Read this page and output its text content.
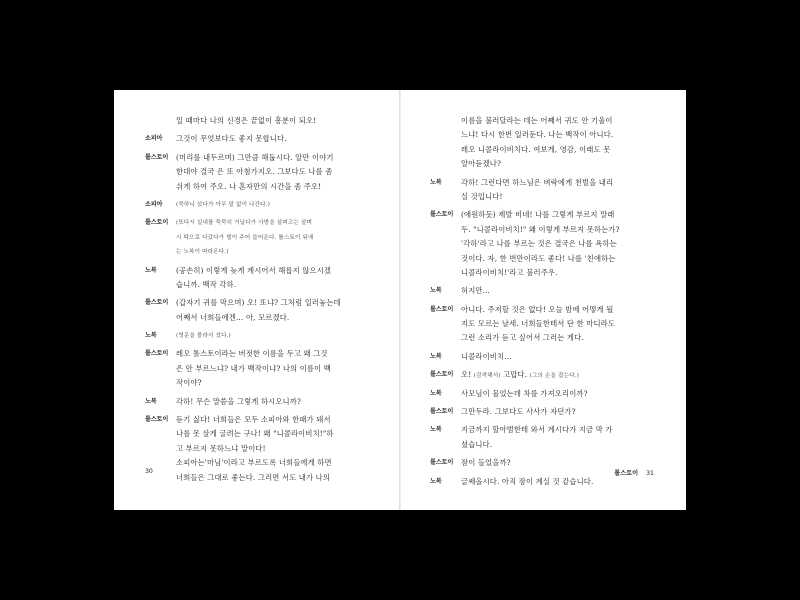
일 때마다 나의 신경은 끝없이 흥분이 되오!
소피아	그것이 무엇보다도 좋지 못합니다.
톨스토이	(머리를 내두르며) 그만큼 해둡시다. 알만 이야기
한대야 결국 은 또 아첨가지오. 그보다도 나를 좀
쉬게 하여 주오. 나 혼자만의 시간을 좀 주오!
소피아	(묵하니 섰다가 아무 말 없이 나간다.)
톨스토이	(또다시 실내를 묵묵히 거닐다가 사방을 살펴고는 살며
시 탁으로 다갔다가 벌이 주어 들어온다. 톨스토이 뒤에
는 노복이 따라온다.)
노복	(공손히) 이렇게 늦게 계시어서 해롭지 않으시겠
습니까. 백작 각하.
톨스토이	(갑자기 귀를 막으며) 오! 또냐? 그처럼 일러놓는데
어째서 너희들에겐… 아, 모르겠다.
노복	(영문을 몰라서 섰다.)
톨스토이	레오 톨스토이라는 버젓한 이름을 두고 왜 그것
은 안 부르느냐? 내가 백작이냐? 나의 이름이 백
작이야?
노복	각하! 무슨 말씀을 그렇게 하시오니까?
톨스토이	듣기 싫다! 너희들은 모두 소피아와 한패가 돼서
나를 못 살게 굴려는 구나! 왜 "니콜라이비치!"하
고 부르지 못하느냐 말이다!
소피아는'마님'이라고 부르도록 너희들에게 하면
너희들은 그대로 좋는다. 그러면 서도 내가 나의
이름을 불러달라는 데는 어째서 귀도 안 기울이
느냐! 다시 한번 일러둔다. 나는 백작이 아니다.
레오 니콜라이비치다. 여보게, 영감, 이래도 못
알아듣겠나?
노복	각하! 그런다면 하느님은 벼락에게 천벌을 내리
실 것입니다!
톨스토이	(애원하듯) 제발 비네! 나를 그렇게 부르지 말래
두. "니콜라이비치!" 왜 이렇게 부르지 못하는가?
'각하'라고 나를 부르는 것은 결국은 나를 욕하는
것이다. 자, 한 번만이라도 좋다! 나를 '친애하는
니콜라이비치!'라고 불러주우.
노복	허지만…
톨스토이	아니다. 주저할 것은 없다! 오늘 밤에 어떻게 될
지도 모르는 날세. 너희들한테서 단 한 마디라도
그런 소리가 듣고 싶어서 그러는 게다.
노복	니콜라이비치…
톨스토이	오! (감격해서) 고맙다. (그의 손을 잡는다.)
노복	사모님이 물었는데 차를 가져오리이까?
톨스토이	그만두라. 그보다도 사사가 자던가?
노복	지금까지 할아범한테 와서 계시다가 지금 막 가
셨습니다.
톨스토이	잠이 들었을까?
노복	글쎄올시다. 아직 잠이 계실 것 같습니다.
30	톨스토이 31
